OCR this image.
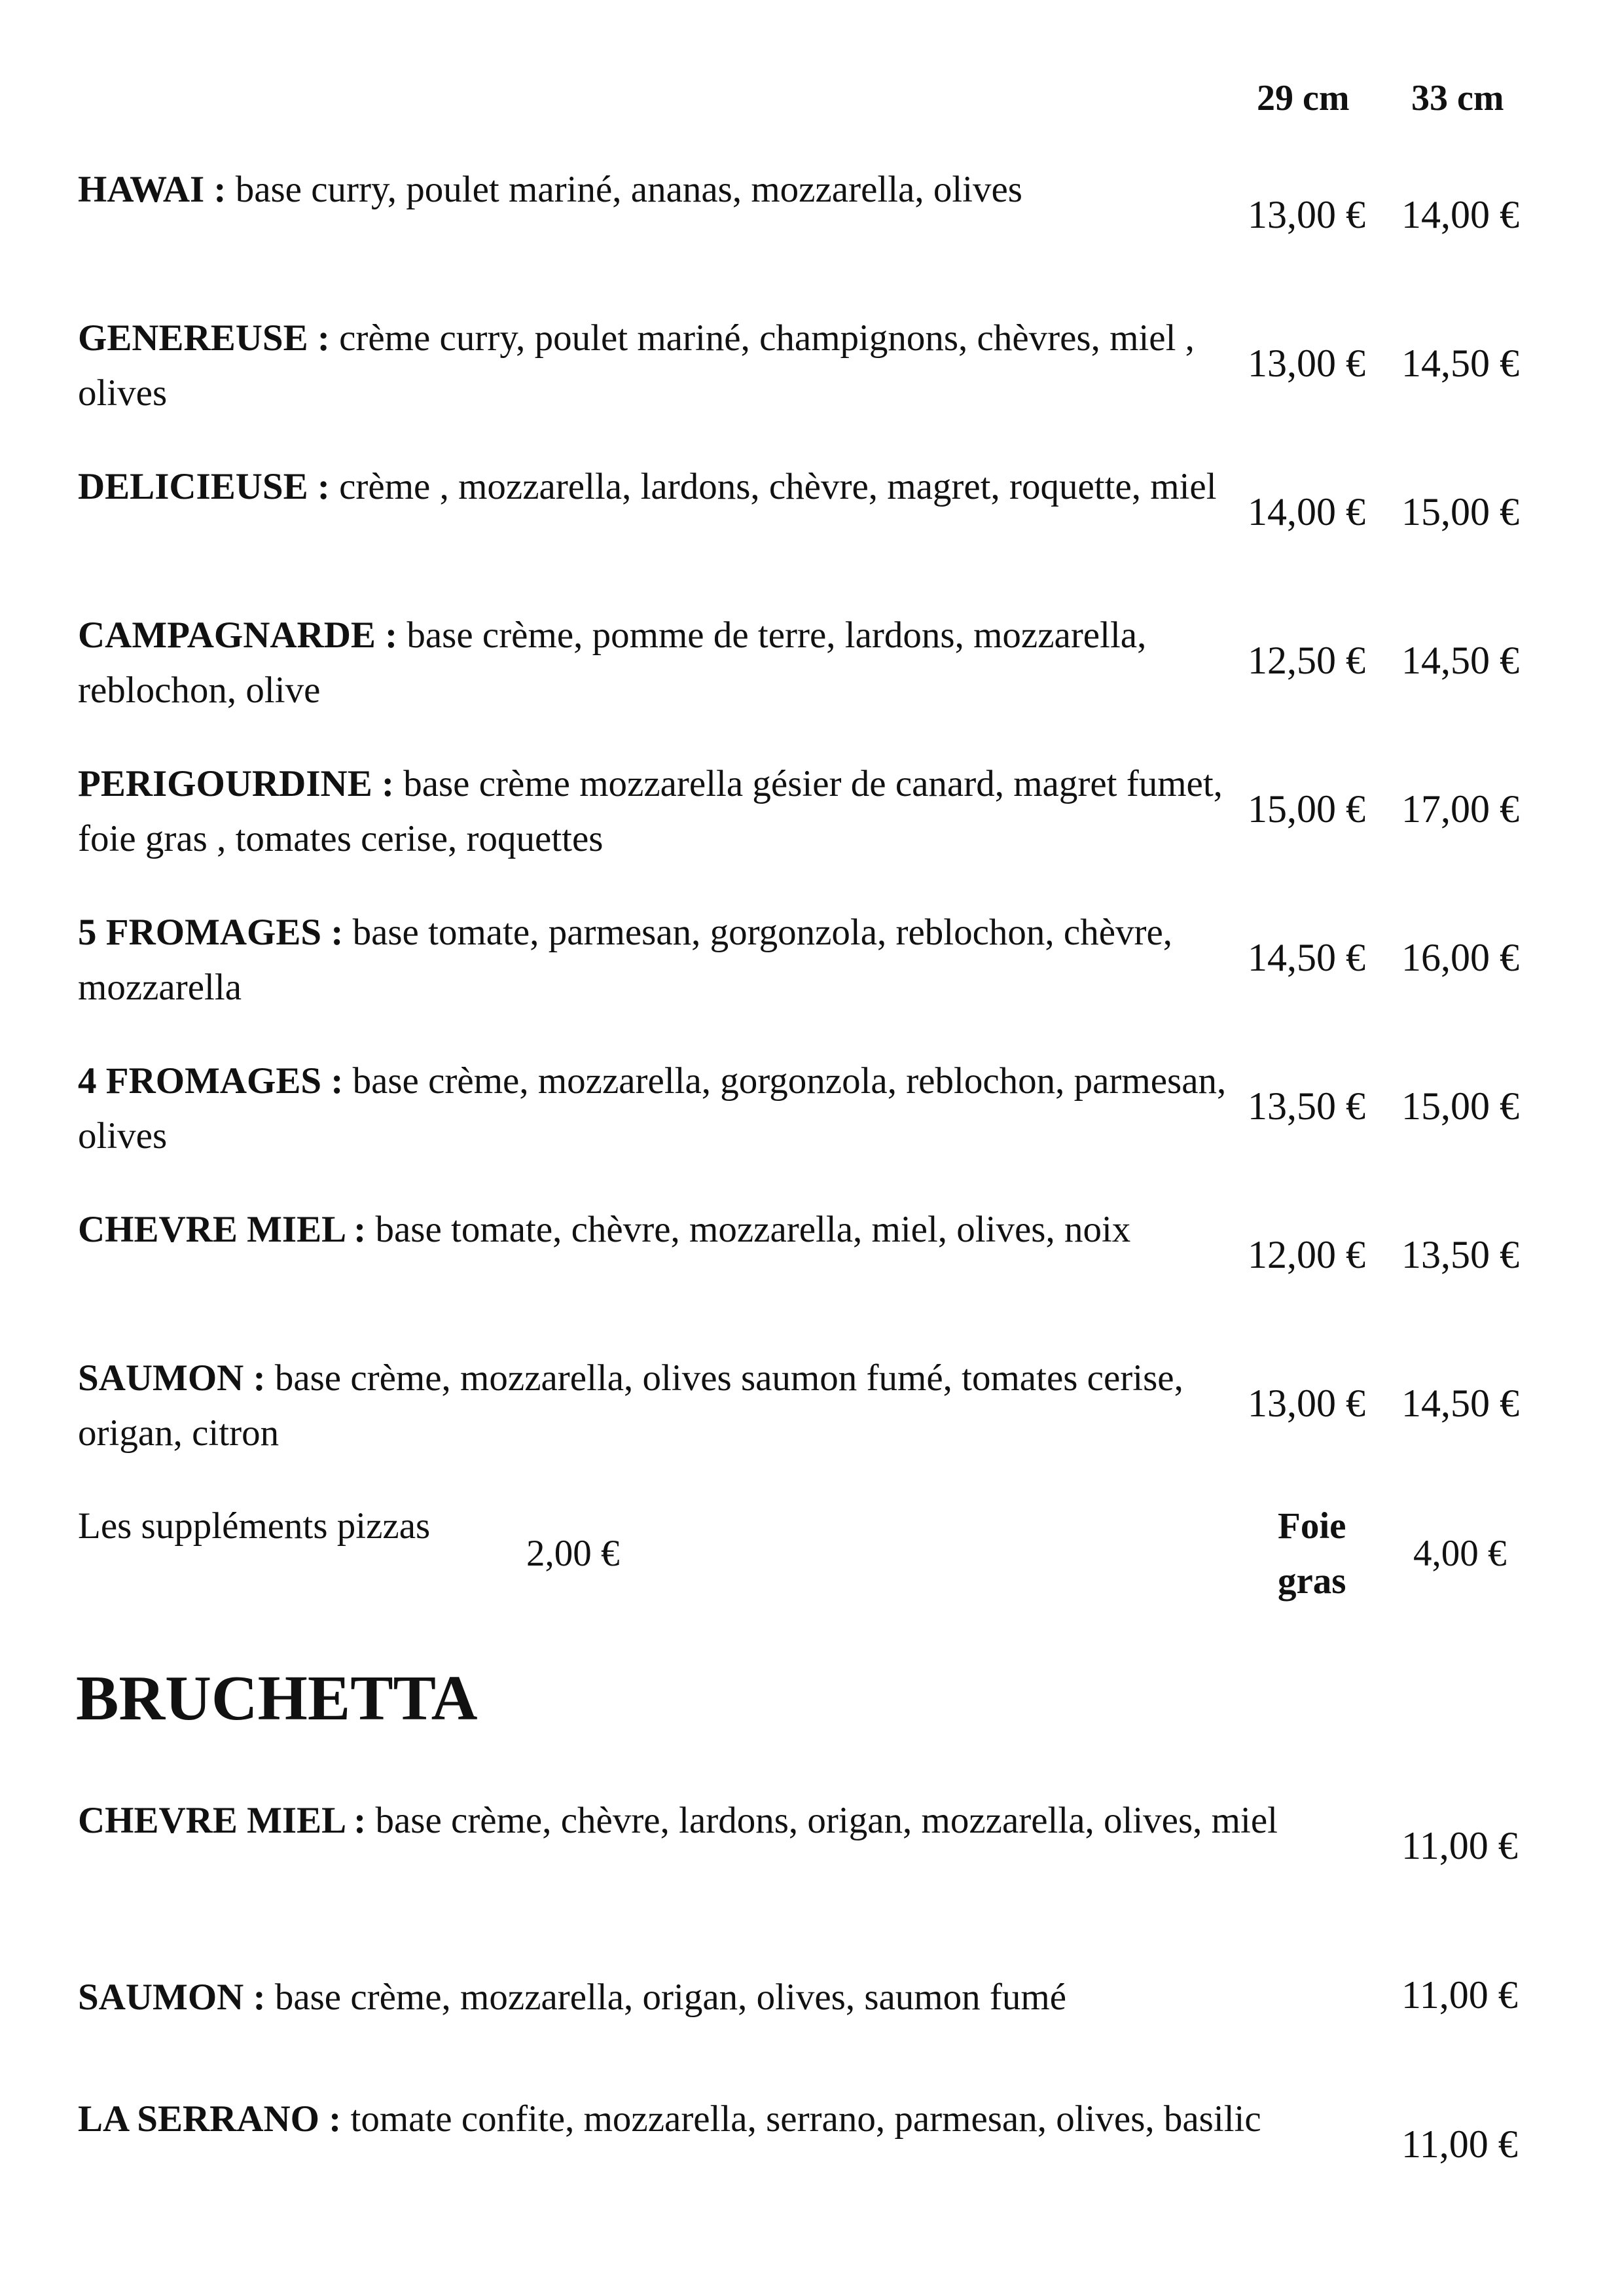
29 cm 33 cm
HAWAI : base curry, poulet mariné, ananas, mozzarella, olives
13,00 € 14,00 €
GENEREUSE : crème curry, poulet mariné, champignons, chèvres, miel , olives
13,00 € 14,50 €
DELICIEUSE : crème , mozzarella, lardons, chèvre, magret, roquette, miel
14,00 € 15,00 €
CAMPAGNARDE : base crème, pomme de terre, lardons, mozzarella, reblochon, olive
12,50 € 14,50 €
PERIGOURDINE : base crème mozzarella gésier de canard, magret fumet, foie gras , tomates cerise, roquettes
15,00 € 17,00 €
5 FROMAGES : base tomate, parmesan, gorgonzola, reblochon, chèvre, mozzarella
14,50 € 16,00 €
4 FROMAGES : base crème, mozzarella, gorgonzola, reblochon, parmesan, olives
13,50 € 15,00 €
CHEVRE MIEL : base tomate, chèvre, mozzarella, miel, olives, noix
12,00 € 13,50 €
SAUMON : base crème, mozzarella, olives saumon fumé, tomates cerise, origan, citron
13,00 € 14,50 €
Les suppléments pizzas
2,00 €
Foie gras
4,00 €
BRUCHETTA
CHEVRE MIEL : base crème, chèvre, lardons, origan, mozzarella, olives, miel
11,00 €
SAUMON : base crème, mozzarella, origan, olives, saumon fumé	11,00 €
LA SERRANO : tomate confite, mozzarella, serrano, parmesan, olives, basilic
11,00 €
